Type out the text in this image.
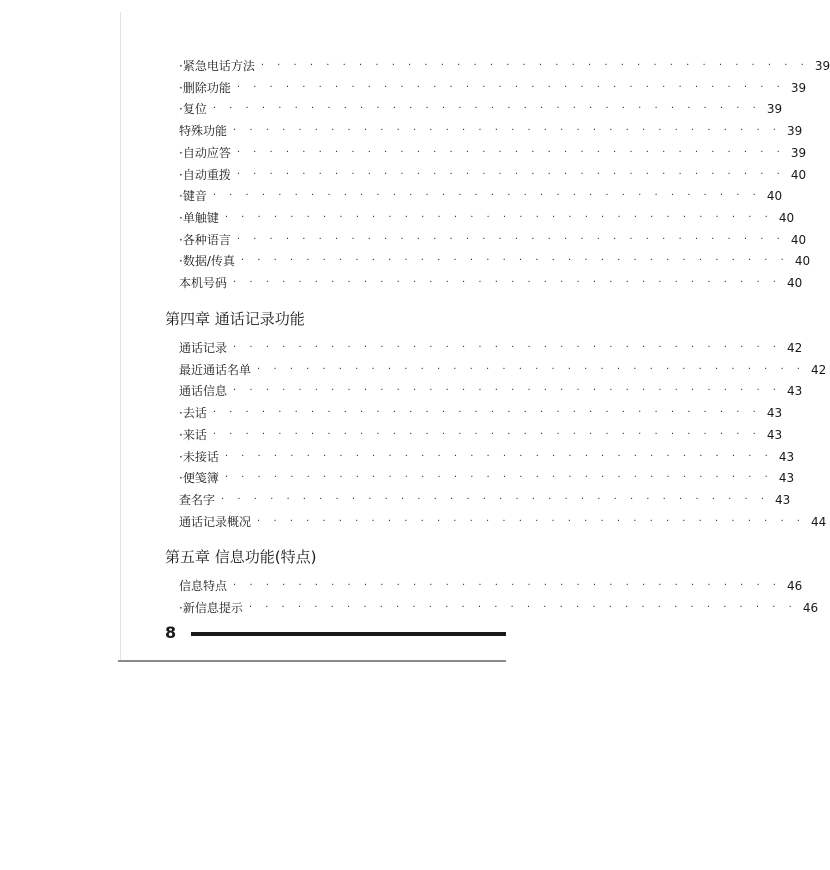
第四章 通话记录功能
第五章 信息功能(特点)
·紧急电话方法 · · · · · · · · · · · · · · · · · · · · · · · · · · · · · · · · · · 39
·删除功能 · · · · · · · · · · · · · · · · · · · · · · · · · · · · · · · · · · 39
·复位 · · · · · · · · · · · · · · · · · · · · · · · · · · · · · · · · · · 39
特殊功能 · · · · · · · · · · · · · · · · · · · · · · · · · · · · · · · · · · 39
·自动应答 · · · · · · · · · · · · · · · · · · · · · · · · · · · · · · · · · · 39
·自动重拨 · · · · · · · · · · · · · · · · · · · · · · · · · · · · · · · · · · 40
·键音 · · · · · · · · · · · · · · · · · · · · · · · · · · · · · · · · · · 40
·单触键 · · · · · · · · · · · · · · · · · · · · · · · · · · · · · · · · · · 40
·各种语言 · · · · · · · · · · · · · · · · · · · · · · · · · · · · · · · · · · 40
·数据/传真 · · · · · · · · · · · · · · · · · · · · · · · · · · · · · · · · · · 40
本机号码 · · · · · · · · · · · · · · · · · · · · · · · · · · · · · · · · · · 40
通话记录 · · · · · · · · · · · · · · · · · · · · · · · · · · · · · · · · · · 42
最近通话名单 · · · · · · · · · · · · · · · · · · · · · · · · · · · · · · · · · · 42
通话信息 · · · · · · · · · · · · · · · · · · · · · · · · · · · · · · · · · · 43
·去话 · · · · · · · · · · · · · · · · · · · · · · · · · · · · · · · · · · 43
·来话 · · · · · · · · · · · · · · · · · · · · · · · · · · · · · · · · · · 43
·未接话 · · · · · · · · · · · · · · · · · · · · · · · · · · · · · · · · · · 43
·便笺簿 · · · · · · · · · · · · · · · · · · · · · · · · · · · · · · · · · · 43
查名字 · · · · · · · · · · · · · · · · · · · · · · · · · · · · · · · · · · 43
通话记录概况 · · · · · · · · · · · · · · · · · · · · · · · · · · · · · · · · · · 44
信息特点 · · · · · · · · · · · · · · · · · · · · · · · · · · · · · · · · · · 46
·新信息提示 · · · · · · · · · · · · · · · · · · · · · · · · · · · · · · · · · · 46
8
